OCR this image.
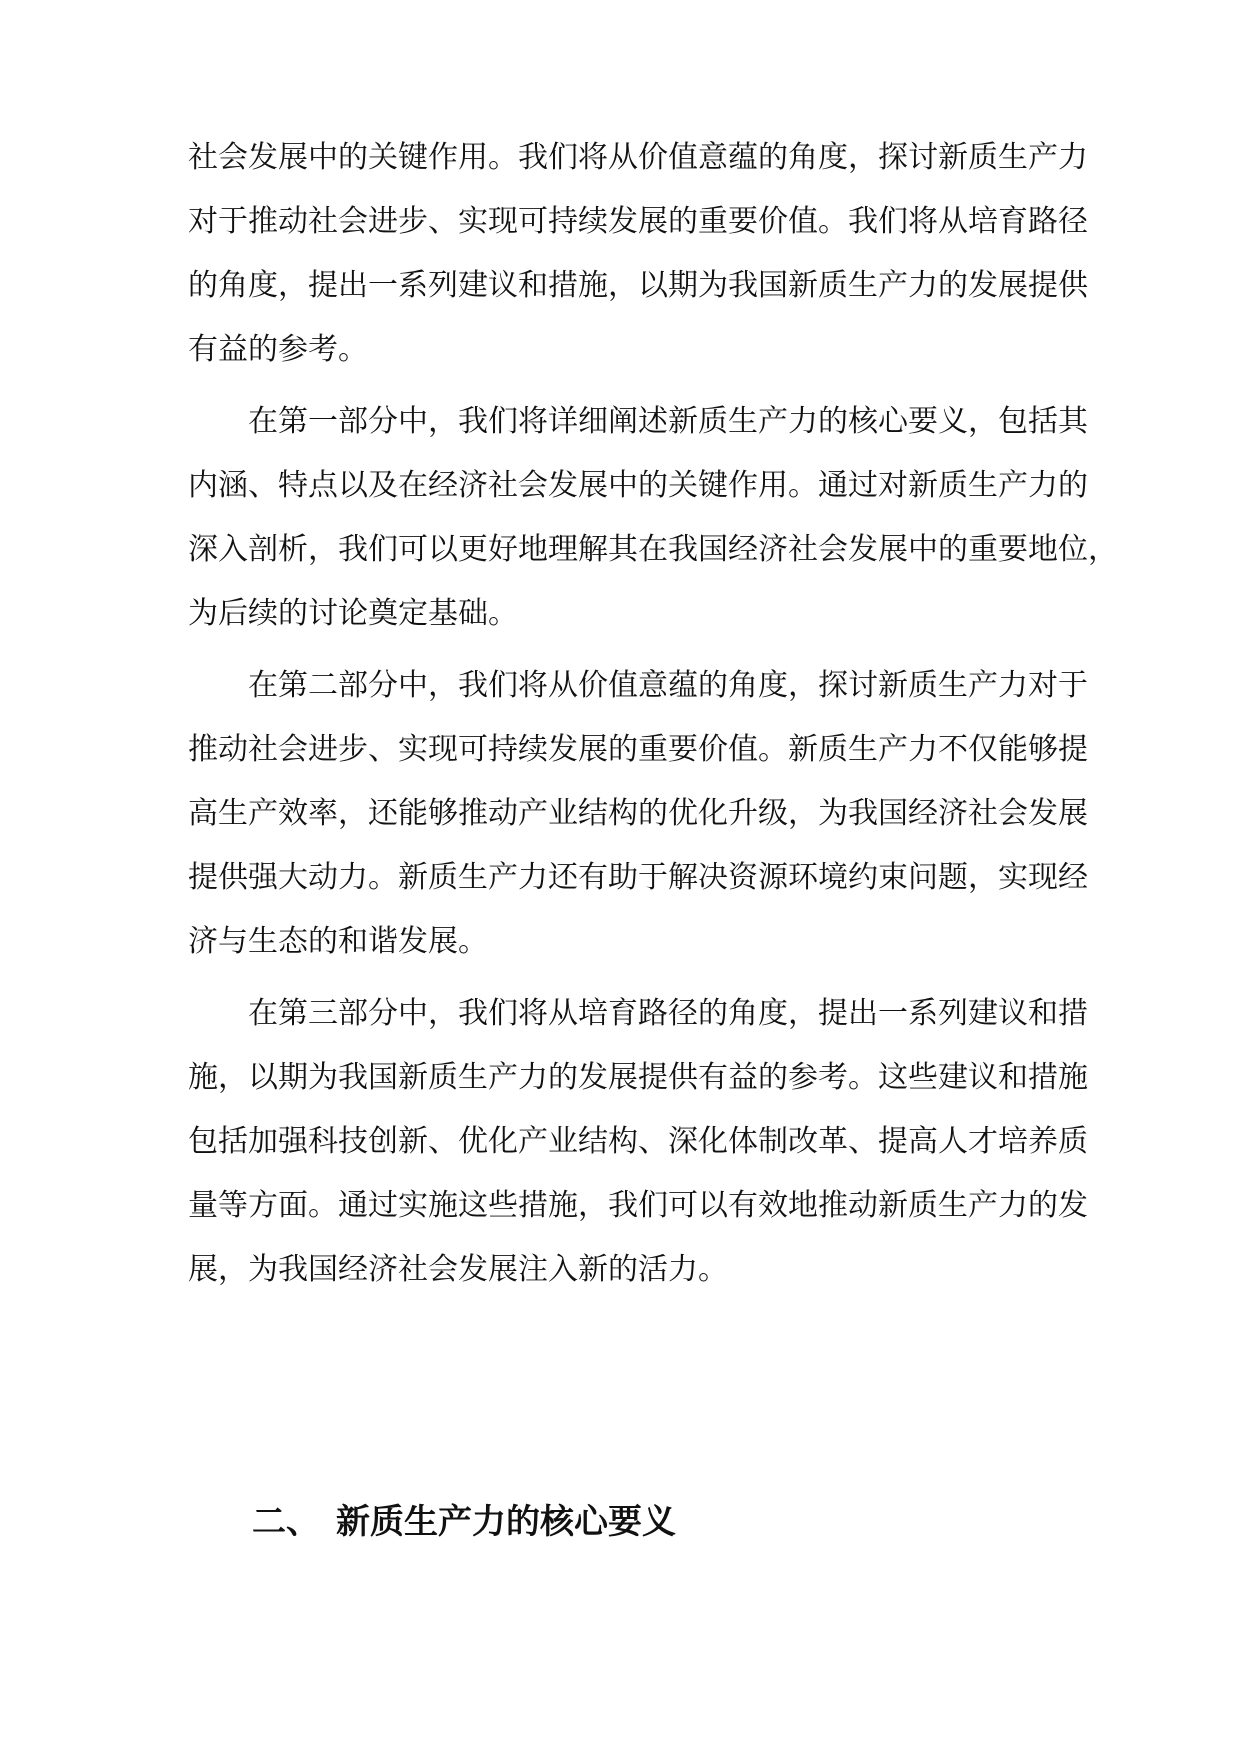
社会发展中的关键作用。我们将从价值意蕴的角度，探讨新质生产力
对于推动社会进步、实现可持续发展的重要价值。我们将从培育路径
的角度，提出一系列建议和措施，以期为我国新质生产力的发展提供
有益的参考。
在第一部分中，我们将详细阐述新质生产力的核心要义，包括其
内涵、特点以及在经济社会发展中的关键作用。通过对新质生产力的
深入剖析，我们可以更好地理解其在我国经济社会发展中的重要地位，
为后续的讨论奠定基础。
在第二部分中，我们将从价值意蕴的角度，探讨新质生产力对于
推动社会进步、实现可持续发展的重要价值。新质生产力不仅能够提
高生产效率，还能够推动产业结构的优化升级，为我国经济社会发展
提供强大动力。新质生产力还有助于解决资源环境约束问题，实现经
济与生态的和谐发展。
在第三部分中，我们将从培育路径的角度，提出一系列建议和措
施，以期为我国新质生产力的发展提供有益的参考。这些建议和措施
包括加强科技创新、优化产业结构、深化体制改革、提高人才培养质
量等方面。通过实施这些措施，我们可以有效地推动新质生产力的发
展，为我国经济社会发展注入新的活力。
二、 新质生产力的核心要义
